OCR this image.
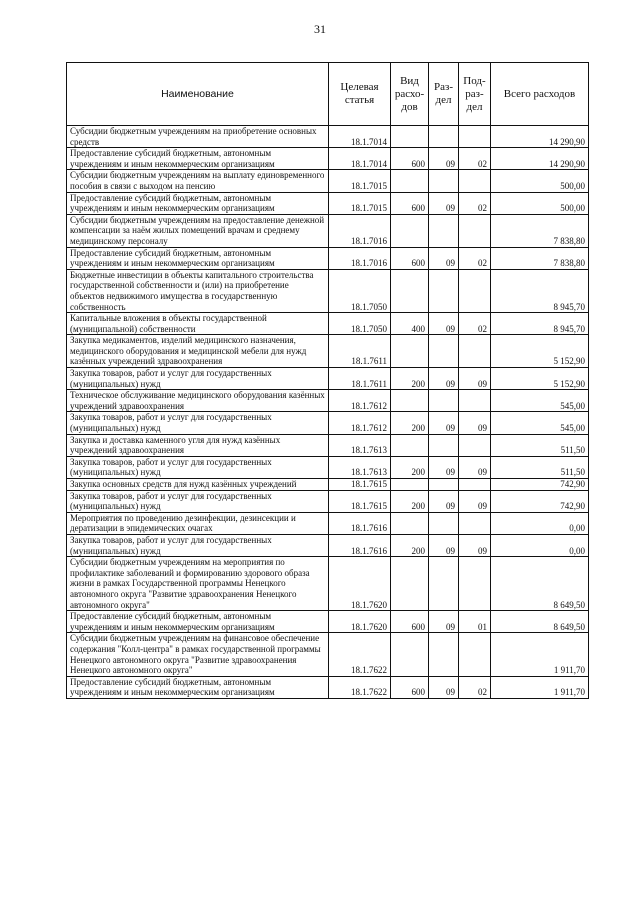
31
Наименование	Целевая статья	Вид расхо-дов	Раз-дел	Под-раз-дел	Всего расходов
Субсидии бюджетным учреждениям на приобретение основных средств	18.1.7014				14 290,90
Предоставление субсидий бюджетным, автономным учреждениям и иным некоммерческим организациям	18.1.7014	600	09	02	14 290,90
Субсидии бюджетным учреждениям на выплату единовременного пособия в связи с выходом на пенсию	18.1.7015				500,00
Предоставление субсидий бюджетным, автономным учреждениям и иным некоммерческим организациям	18.1.7015	600	09	02	500,00
Субсидии бюджетным учреждениям на предоставление денежной компенсации за наём жилых помещений врачам и среднему медицинскому персоналу	18.1.7016				7 838,80
Предоставление субсидий бюджетным, автономным учреждениям и иным некоммерческим организациям	18.1.7016	600	09	02	7 838,80
Бюджетные инвестиции в объекты капитального строительства государственной собственности и (или) на приобретение объектов недвижимого имущества в государственную собственность	18.1.7050				8 945,70
Капитальные вложения в объекты государственной (муниципальной) собственности	18.1.7050	400	09	02	8 945,70
Закупка медикаментов, изделий медицинского назначения, медицинского оборудования и медицинской мебели для нужд казённых учреждений здравоохранения	18.1.7611				5 152,90
Закупка товаров, работ и услуг для государственных (муниципальных) нужд	18.1.7611	200	09	09	5 152,90
Техническое обслуживание медицинского оборудования казённых учреждений здравоохранения	18.1.7612				545,00
Закупка товаров, работ и услуг для государственных (муниципальных) нужд	18.1.7612	200	09	09	545,00
Закупка и доставка каменного угля для нужд казённых учреждений здравоохранения	18.1.7613				511,50
Закупка товаров, работ и услуг для государственных (муниципальных) нужд	18.1.7613	200	09	09	511,50
Закупка основных средств для нужд казённых учреждений	18.1.7615				742,90
Закупка товаров, работ и услуг для государственных (муниципальных) нужд	18.1.7615	200	09	09	742,90
Мероприятия по проведению дезинфекции, дезинсекции и дератизации в эпидемических очагах	18.1.7616				0,00
Закупка товаров, работ и услуг для государственных (муниципальных) нужд	18.1.7616	200	09	09	0,00
Субсидии бюджетным учреждениям на мероприятия по профилактике заболеваний и формированию здорового образа жизни в рамках Государственной программы Ненецкого автономного округа "Развитие здравоохранения Ненецкого автономного округа"	18.1.7620				8 649,50
Предоставление субсидий бюджетным, автономным учреждениям и иным некоммерческим организациям	18.1.7620	600	09	01	8 649,50
Субсидии бюджетным учреждениям на финансовое обеспечение содержания "Колл-центра" в рамках государственной программы Ненецкого автономного округа "Развитие здравоохранения Ненецкого автономного округа"	18.1.7622				1 911,70
Предоставление субсидий бюджетным, автономным учреждениям и иным некоммерческим организациям	18.1.7622	600	09	02	1 911,70
